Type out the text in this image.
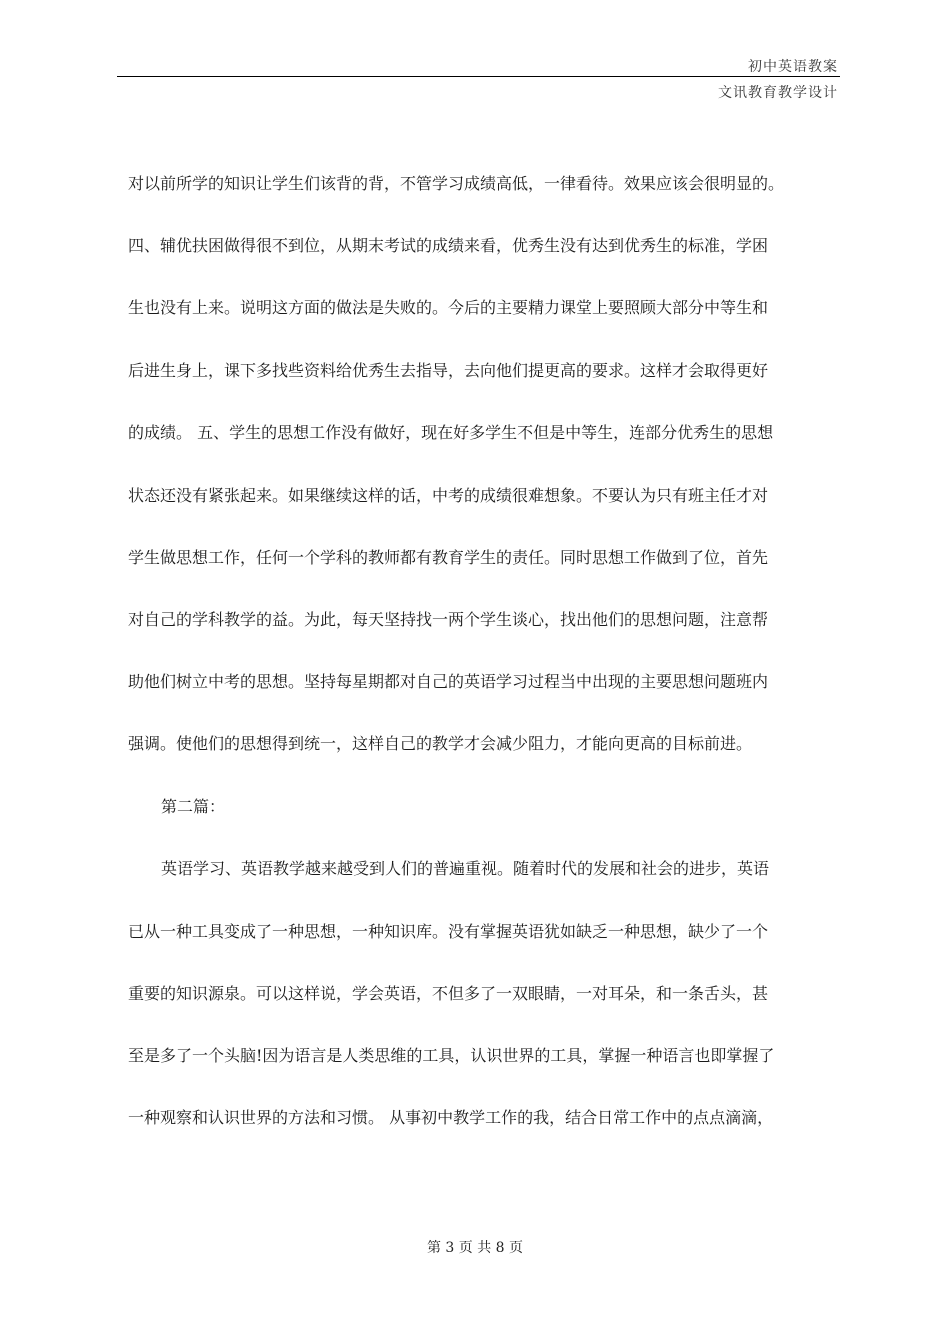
初中英语教案
文讯教育教学设计
对以前所学的知识让学生们该背的背，不管学习成绩高低，一律看待。效果应该会很明显的。
四、辅优扶困做得很不到位，从期末考试的成绩来看，优秀生没有达到优秀生的标准，学困
生也没有上来。说明这方面的做法是失败的。今后的主要精力课堂上要照顾大部分中等生和
后进生身上，课下多找些资料给优秀生去指导，去向他们提更高的要求。这样才会取得更好
的成绩。 五、学生的思想工作没有做好，现在好多学生不但是中等生，连部分优秀生的思想
状态还没有紧张起来。如果继续这样的话，中考的成绩很难想象。不要认为只有班主任才对
学生做思想工作，任何一个学科的教师都有教育学生的责任。同时思想工作做到了位，首先
对自己的学科教学的益。为此，每天坚持找一两个学生谈心，找出他们的思想问题，注意帮
助他们树立中考的思想。坚持每星期都对自己的英语学习过程当中出现的主要思想问题班内
强调。使他们的思想得到统一，这样自己的教学才会减少阻力，才能向更高的目标前进。
第二篇：
英语学习、英语教学越来越受到人们的普遍重视。随着时代的发展和社会的进步，英语
已从一种工具变成了一种思想，一种知识库。没有掌握英语犹如缺乏一种思想，缺少了一个
重要的知识源泉。可以这样说，学会英语，不但多了一双眼睛，一对耳朵，和一条舌头，甚
至是多了一个头脑!因为语言是人类思维的工具，认识世界的工具，掌握一种语言也即掌握了
一种观察和认识世界的方法和习惯。 从事初中教学工作的我，结合日常工作中的点点滴滴，
第 3 页 共 8 页
